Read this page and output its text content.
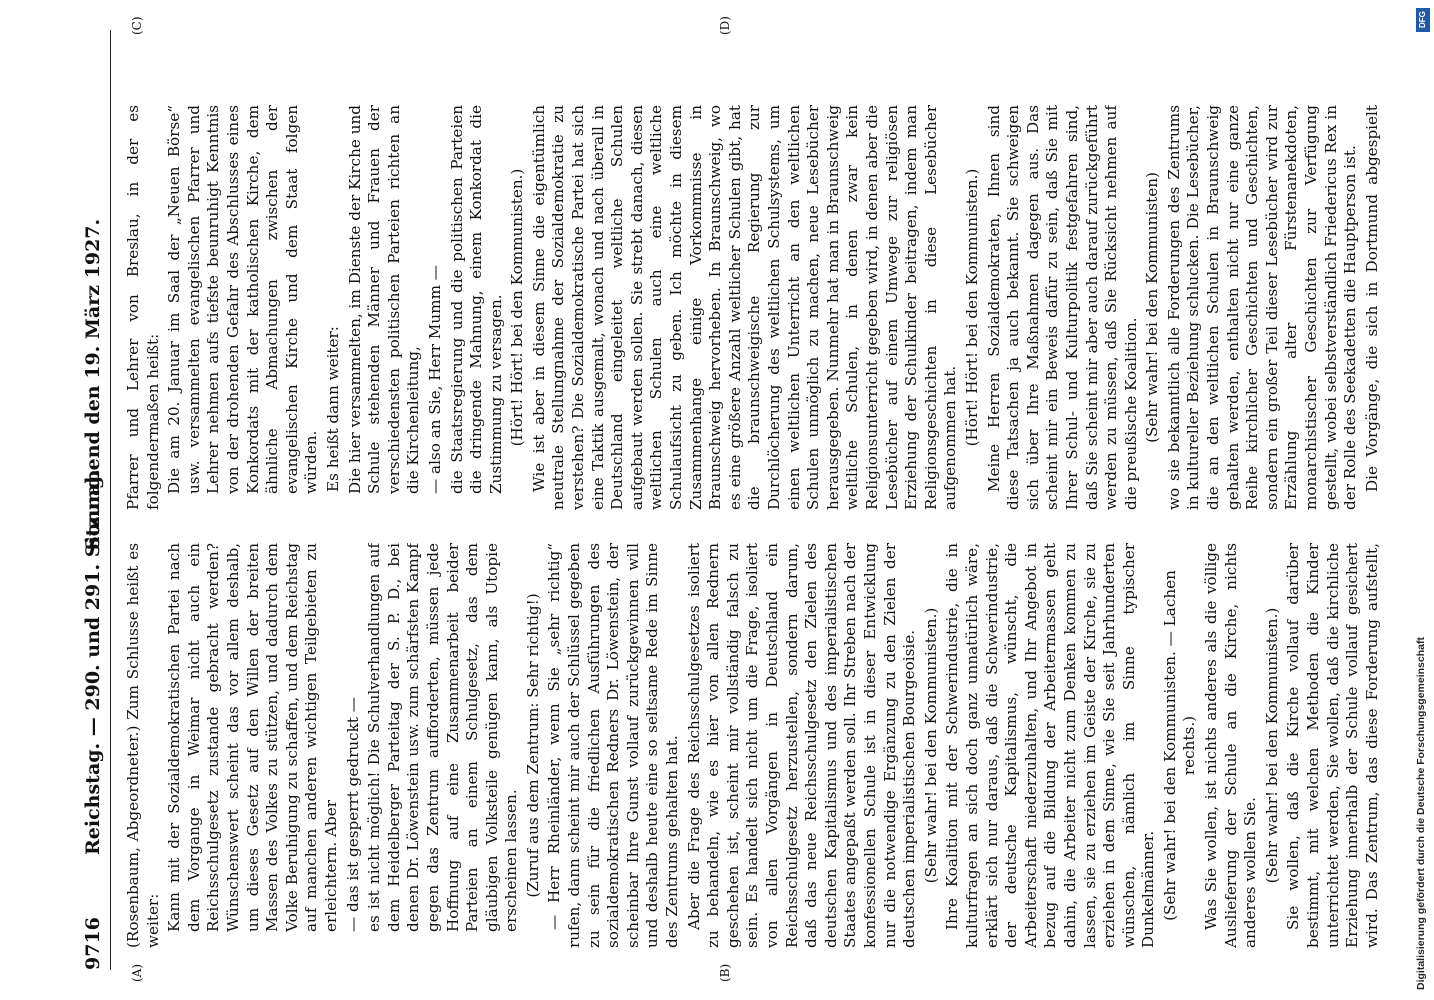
9716
Reichstag. — 290. und 291. Sitzung.
Sonnabend den 19. März 1927.
(A)	(B)
(C)	(D)

(Rosenbaum, Abgeordneter.) Zum Schlusse heißt es weiter: Kann mit der Sozialdemokratischen Partei nach dem Vorgange in Weimar nicht auch ein Reichsschulgesetz zustande gebracht werden? Wünschenswert scheint das vor allem deshalb, um dieses Gesetz auf den Willen der breiten Massen des Volkes zu stützen, und dadurch dem Volke Beruhigung zu schaffen, und dem Reichstag auf manchen anderen wichtigen Teilgebieten zu erleichtern. Aber — das ist gesperrt gedruckt — es ist nicht möglich! Die Schulverhandlungen auf dem Heidelberger Parteitag der S. P. D., bei denen Dr. Löwenstein usw. zum schärfsten Kampf gegen das Zentrum aufforderten, müssen jede Hoffnung auf eine Zusammenarbeit beider Parteien an einem Schulgesetz, das dem gläubigen Volksteile genügen kann, als Utopie erscheinen lassen. (Zuruf aus dem Zentrum: Sehr richtig!) — Herr Rheinländer, wenn Sie „sehr richtig“ rufen, dann scheint mir auch der Schlüssel gegeben zu sein für die friedlichen Ausführungen des sozialdemokratischen Redners Dr. Löwenstein, der scheinbar Ihre Gunst vollauf zurückgewinnen will und deshalb heute eine so seltsame Rede im Sinne des Zentrums gehalten hat. Aber die Frage des Reichsschulgesetzes isoliert zu behandeln, wie es hier von allen Rednern geschehen ist, scheint mir vollständig falsch zu sein. Es handelt sich nicht um die Frage, isoliert von allen Vorgängen in Deutschland ein Reichsschulgesetz herzustellen, sondern darum, daß das neue Reichsschulgesetz den Zielen des deutschen Kapitalismus und des imperialistischen Staates angepaßt werden soll. Ihr Streben nach der konfessionellen Schule ist in dieser Entwicklung nur die notwendige Ergänzung zu den Zielen der deutschen imperialistischen Bourgeoisie. (Sehr wahr! bei den Kommunisten.) Ihre Koalition mit der Schwerindustrie, die in kulturfragen an sich doch ganz unnatürlich wäre, erklärt sich nur daraus, daß die Schwerindustrie, der deutsche Kapitalismus, wünscht, die Arbeiterschaft niederzuhalten, und Ihr Angebot in bezug auf die Bildung der Arbeitermassen geht dahin, die Arbeiter nicht zum Denken kommen zu lassen, sie zu erziehen im Geiste der Kirche, sie zu erziehen in dem Sinne, wie Sie seit Jahrhunderten wünschen, nämlich im Sinne typischer Dunkelmänner. (Sehr wahr! bei den Kommunisten. — Lachen rechts.) Was Sie wollen, ist nichts anderes als die völlige Auslieferung der Schule an die Kirche, nichts anderes wollen Sie. (Sehr wahr! bei den Kommunisten.)

Sie wollen, daß die Kirche vollauf darüber bestimmt, mit welchen Methoden die Kinder unterrichtet werden, Sie wollen, daß die kirchliche Erziehung innerhalb der Schule vollauf gesichert wird. Das Zentrum, das diese Forderung aufstellt,

Pfarrer und Lehrer von Breslau, in der es folgendermaßen heißt: Die am 20. Januar im Saal der „Neuen Börse“ usw. versammelten evangelischen Pfarrer und Lehrer nehmen aufs tiefste beunruhigt Kenntnis von der drohenden Gefahr des Abschlusses eines Konkordats mit der katholischen Kirche, dem ähnliche Abmachungen zwischen der evangelischen Kirche und dem Staat folgen würden. Es heißt dann weiter: Die hier versammelten, im Dienste der Kirche und Schule stehenden Männer und Frauen der verschiedensten politischen Parteien richten an die Kirchenleitung, — also an Sie, Herr Mumm — die Staatsregierung und die politischen Parteien die dringende Mahnung, einem Konkordat die Zustimmung zu versagen. (Hört! Hört! bei den Kommunisten.) Wie ist aber in diesem Sinne die eigentümlich neutrale Stellungnahme der Sozialdemokratie zu verstehen? Die Sozialdemokratische Partei hat sich eine Taktik ausgemalt, wonach und nach überall in Deutschland eingeleitet weltliche Schulen aufgebaut werden sollen. Sie strebt danach, diesen weltlichen Schulen auch eine weltliche Schulaufsicht zu geben. Ich möchte in diesem Zusammenhange einige Vorkommnisse in Braunschweig hervorheben. In Braunschweig, wo es eine größere Anzahl weltlicher Schulen gibt, hat die braunschweigische Regierung zur Durchlöcherung des weltlichen Schulsystems, um einen weltlichen Unterricht an den weltlichen Schulen unmöglich zu machen, neue Lesebücher herausgegeben. Nunmehr hat man in Braunschweig weltliche Schulen, in denen zwar kein Religionsunterricht gegeben wird, in denen aber die Lesebücher auf einem Umwege zur religiösen Erziehung der Schulkinder beitragen, indem man Religionsgeschichten in diese Lesebücher aufgenommen hat. (Hört! Hört! bei den Kommunisten.) Meine Herren Sozialdemokraten, Ihnen sind diese Tatsachen ja auch bekannt. Sie schweigen sich über Ihre Maßnahmen dagegen aus. Das scheint mir ein Beweis dafür zu sein, daß Sie mit Ihrer Schul- und Kulturpolitik festgefahren sind, daß Sie scheint mir aber auch darauf zurückgeführt werden zu müssen, daß Sie Rücksicht nehmen auf die preußische Koalition. (Sehr wahr! bei den Kommunisten) wo sie bekanntlich alle Forderungen des Zentrums in kultureller Beziehung schlucken. Die Lesebücher, die an den weltlichen Schulen in Braunschweig gehalten werden, enthalten nicht nur eine ganze Reihe kirchlicher Geschichten und Geschichten, sondern ein großer Teil dieser Lesebücher wird zur Erzählung alter Fürstenanekdoten, monarchistischer Geschichten zur Verfügung gestellt, wobei selbstverständlich Friedericus Rex in der Rolle des Seekadetten die Hauptperson ist. Die Vorgänge, die sich in Dortmund abgespielt

DFG
Digitalisierung gefördert durch die Deutsche Forschungsgemeinschaft
